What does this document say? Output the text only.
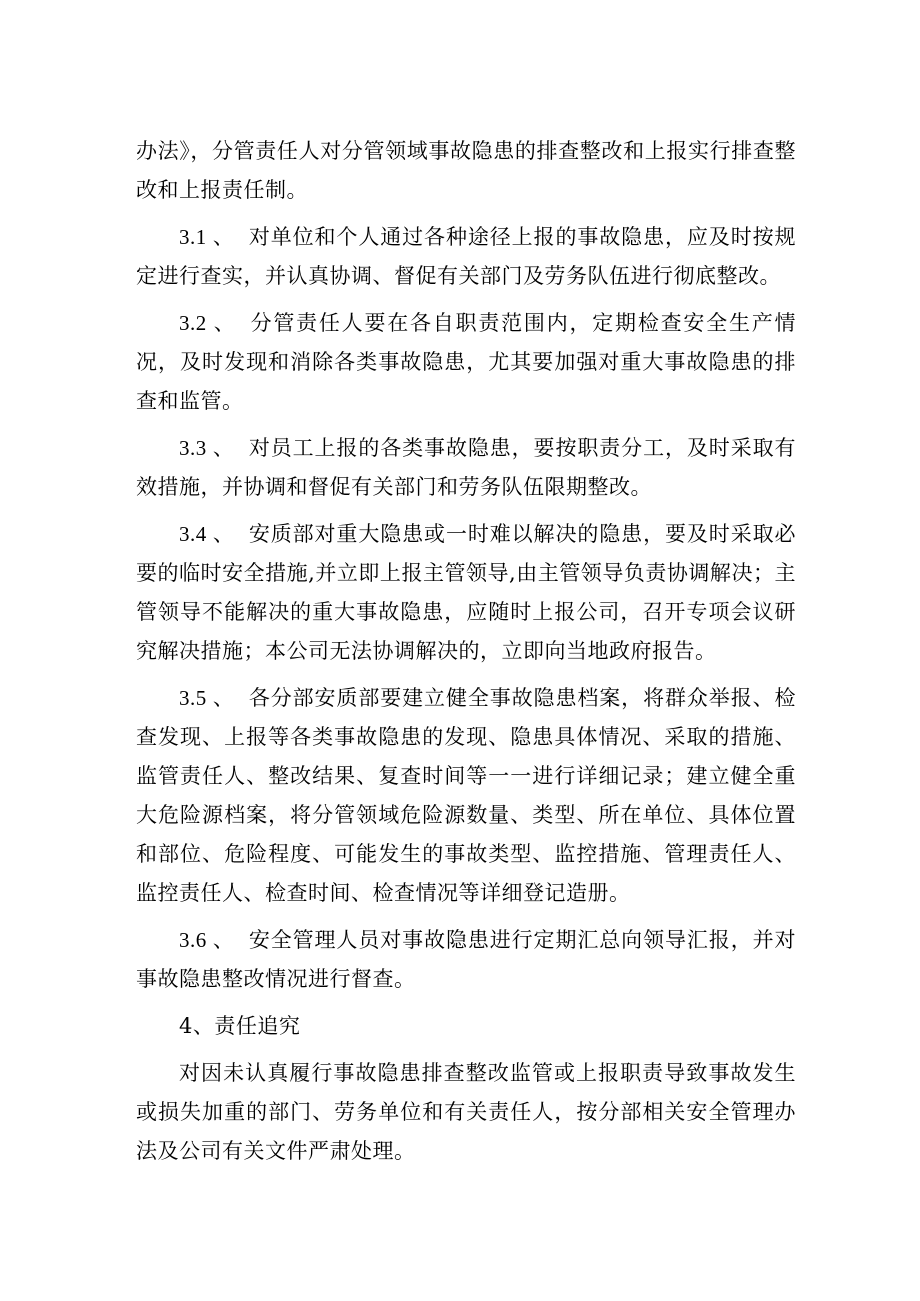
办法》，分管责任人对分管领域事故隐患的排查整改和上报实行排查整改和上报责任制。

3.1 、 对单位和个人通过各种途径上报的事故隐患，应及时按规定进行查实，并认真协调、督促有关部门及劳务队伍进行彻底整改。

3.2 、 分管责任人要在各自职责范围内，定期检查安全生产情况，及时发现和消除各类事故隐患，尤其要加强对重大事故隐患的排查和监管。

3.3 、 对员工上报的各类事故隐患，要按职责分工，及时采取有效措施，并协调和督促有关部门和劳务队伍限期整改。

3.4 、 安质部对重大隐患或一时难以解决的隐患，要及时采取必要的临时安全措施,并立即上报主管领导,由主管领导负责协调解决；主管领导不能解决的重大事故隐患，应随时上报公司，召开专项会议研究解决措施；本公司无法协调解决的，立即向当地政府报告。

3.5 、 各分部安质部要建立健全事故隐患档案，将群众举报、检查发现、上报等各类事故隐患的发现、隐患具体情况、采取的措施、监管责任人、整改结果、复查时间等一一进行详细记录；建立健全重大危险源档案，将分管领域危险源数量、类型、所在单位、具体位置和部位、危险程度、可能发生的事故类型、监控措施、管理责任人、监控责任人、检查时间、检查情况等详细登记造册。

3.6 、 安全管理人员对事故隐患进行定期汇总向领导汇报，并对事故隐患整改情况进行督查。

4、责任追究

对因未认真履行事故隐患排查整改监管或上报职责导致事故发生或损失加重的部门、劳务单位和有关责任人，按分部相关安全管理办法及公司有关文件严肃处理。
